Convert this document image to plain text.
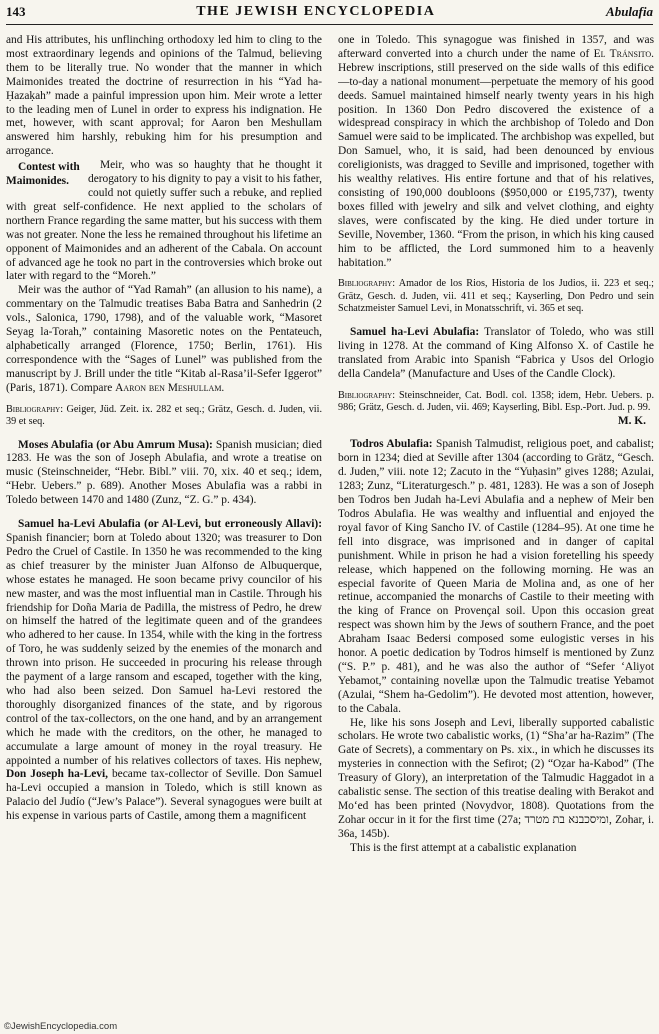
143	THE JEWISH ENCYCLOPEDIA	Abulafia

and His attributes, his unflinching orthodoxy led him to cling to the most extraordinary legends and opinions of the Talmud, believing them to be literally true. No wonder that the manner in which Maimonides treated the doctrine of resurrection in his “Yad ha-Ḥazaḳah” made a painful impression upon him. Meir wrote a letter to the leading men of Lunel in order to express his indignation. He met, however, with scant approval; for Aaron ben Meshullam answered him harshly, rebuking him for his presumption and arrogance.

Contest with Maimonides.
Meir, who was so haughty that he thought it derogatory to his dignity to pay a visit to his father, could not quietly suffer such a rebuke, and replied with great self-confidence. He next applied to the scholars of northern France regarding the same matter, but his success with them was not greater. None the less he remained throughout his lifetime an opponent of Maimonides and an adherent of the Cabala. On account of advanced age he took no part in the controversies which broke out later with regard to the “Moreh.”

Meir was the author of “Yad Ramah” (an allusion to his name), a commentary on the Talmudic treatises Baba Batra and Sanhedrin (2 vols., Salonica, 1790, 1798), and of the valuable work, “Masoret Seyag la-Torah,” containing Masoretic notes on the Pentateuch, alphabetically arranged (Florence, 1750; Berlin, 1761). His correspondence with the “Sages of Lunel” was published from the manuscript by J. Brill under the title “Kitab al-Rasa’il-Sefer Iggerot” (Paris, 1871). Compare Aaron ben Meshullam.

Bibliography: Geiger, Jüd. Zeit. ix. 282 et seq.; Grätz, Gesch. d. Juden, vii. 39 et seq.

Moses Abulafia (or Abu Amrum Musa): Spanish musician; died 1283. He was the son of Joseph Abulafia, and wrote a treatise on music (Steinschneider, “Hebr. Bibl.” viii. 70, xix. 40 et seq.; idem, “Hebr. Uebers.” p. 689). Another Moses Abulafia was a rabbi in Toledo between 1470 and 1480 (Zunz, “Z. G.” p. 434).

Samuel ha-Levi Abulafia (or Al-Levi, but erroneously Allavi): Spanish financier; born at Toledo about 1320; was treasurer to Don Pedro the Cruel of Castile. In 1350 he was recommended to the king as chief treasurer by the minister Juan Alfonso de Albuquerque, whose estates he managed. He soon became privy councilor of his new master, and was the most influential man in Castile. Through his friendship for Doña Maria de Padilla, the mistress of Pedro, he drew on himself the hatred of the legitimate queen and of the grandees who adhered to her cause. In 1354, while with the king in the fortress of Toro, he was suddenly seized by the enemies of the monarch and thrown into prison. He succeeded in procuring his release through the payment of a large ransom and escaped, together with the king, who had also been seized. Don Samuel ha-Levi restored the thoroughly disorganized finances of the state, and by rigorous control of the tax-collectors, on the one hand, and by an arrangement which he made with the creditors, on the other, he managed to accumulate a large amount of money in the royal treasury. He appointed a number of his relatives collectors of taxes. His nephew, Don Joseph ha-Levi, became tax-collector of Seville. Don Samuel ha-Levi occupied a mansion in Toledo, which is still known as Palacio del Judío (“Jew’s Palace”). Several synagogues were built at his expense in various parts of Castile, among them a magnificent

one in Toledo. This synagogue was finished in 1357, and was afterward converted into a church under the name of El Tránsito. Hebrew inscriptions, still preserved on the side walls of this edifice—to-day a national monument—perpetuate the memory of his good deeds. Samuel maintained himself nearly twenty years in his high position. In 1360 Don Pedro discovered the existence of a widespread conspiracy in which the archbishop of Toledo and Don Samuel were said to be implicated. The archbishop was expelled, but Don Samuel, who, it is said, had been denounced by envious coreligionists, was dragged to Seville and imprisoned, together with his wealthy relatives. His entire fortune and that of his relatives, consisting of 190,000 doubloons ($950,000 or £195,737), twenty boxes filled with jewelry and silk and velvet clothing, and eighty slaves, were confiscated by the king. He died under torture in Seville, November, 1360. “From the prison, in which his king caused him to be afflicted, the Lord summoned him to a heavenly habitation.”

Bibliography: Amador de los Rios, Historia de los Judios, ii. 223 et seq.; Grätz, Gesch. d. Juden, vii. 411 et seq.; Kayserling, Don Pedro und sein Schatzmeister Samuel Levi, in Monatsschrift, vi. 365 et seq.

Samuel ha-Levi Abulafia: Translator of Toledo, who was still living in 1278. At the command of King Alfonso X. of Castile he translated from Arabic into Spanish “Fabrica y Usos del Orlogio della Candela” (Manufacture and Uses of the Candle Clock).

Bibliography: Steinschneider, Cat. Bodl. col. 1358; idem, Hebr. Uebers. p. 986; Grätz, Gesch. d. Juden, vii. 469; Kayserling, Bibl. Esp.-Port. Jud. p. 99.

M. K.

Todros Abulafia: Spanish Talmudist, religious poet, and cabalist; born in 1234; died at Seville after 1304 (according to Grätz, “Gesch. d. Juden,” viii. note 12; Zacuto in the “Yuḥasin” gives 1288; Azulai, 1283; Zunz, “Literaturgesch.” p. 481, 1283). He was a son of Joseph ben Todros ben Judah ha-Levi Abulafia and a nephew of Meir ben Todros Abulafia. He was wealthy and influential and enjoyed the royal favor of King Sancho IV. of Castile (1284–95). At one time he fell into disgrace, was imprisoned and in danger of capital punishment. While in prison he had a vision foretelling his speedy release, which happened on the following morning. He was an especial favorite of Queen Maria de Molina and, as one of her retinue, accompanied the monarchs of Castile to their meeting with the king of France on Provençal soil. Upon this occasion great respect was shown him by the Jews of southern France, and the poet Abraham Isaac Bedersi composed some eulogistic verses in his honor. A poetic dedication by Todros himself is mentioned by Zunz (“S. P.” p. 481), and he was also the author of “Sefer ‘Aliyot Yebamot,” containing novellæ upon the Talmudic treatise Yebamot (Azulai, “Shem ha-Gedolim”). He devoted most attention, however, to the Cabala.

He, like his sons Joseph and Levi, liberally supported cabalistic scholars. He wrote two cabalistic works, (1) “Sha’ar ha-Razim” (The Gate of Secrets), a commentary on Ps. xix., in which he discusses its mysteries in connection with the Sefirot; (2) “Oẓar ha-Kabod” (The Treasury of Glory), an interpretation of the Talmudic Haggadot in a cabalistic sense. The section of this treatise dealing with Berakot and Mo‘ed has been printed (Novydvor, 1808). Quotations from the Zohar occur in it for the first time (27a; ומיסכבנא בת מטרד, Zohar, i. 36a, 145b).

This is the first attempt at a cabalistic explanation

©JewishEncyclopedia.com
